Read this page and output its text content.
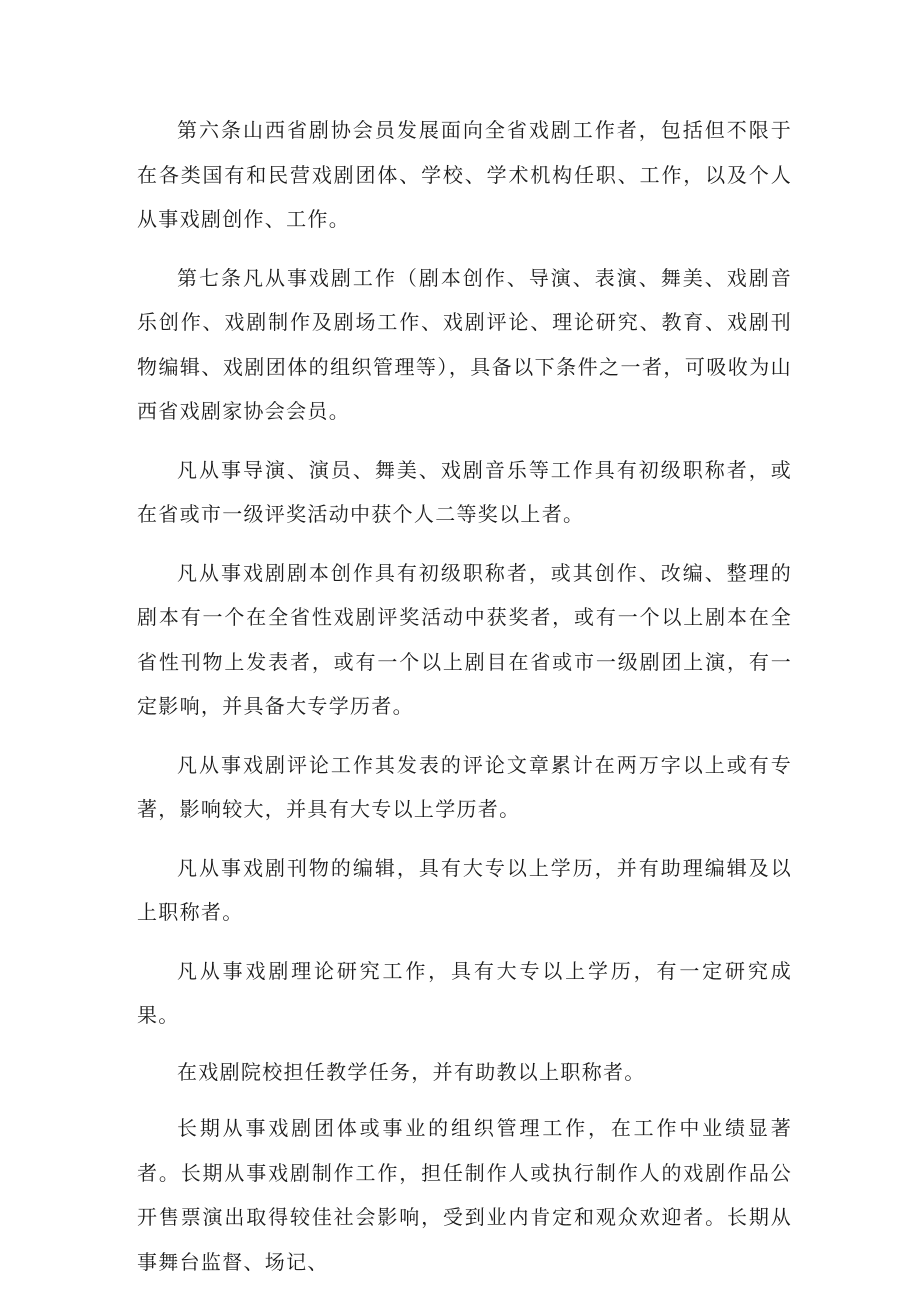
第六条山西省剧协会员发展面向全省戏剧工作者，包括但不限于在各类国有和民营戏剧团体、学校、学术机构任职、工作，以及个人从事戏剧创作、工作。

第七条凡从事戏剧工作（剧本创作、导演、表演、舞美、戏剧音乐创作、戏剧制作及剧场工作、戏剧评论、理论研究、教育、戏剧刊物编辑、戏剧团体的组织管理等），具备以下条件之一者，可吸收为山西省戏剧家协会会员。

凡从事导演、演员、舞美、戏剧音乐等工作具有初级职称者，或在省或市一级评奖活动中获个人二等奖以上者。

凡从事戏剧剧本创作具有初级职称者，或其创作、改编、整理的剧本有一个在全省性戏剧评奖活动中获奖者，或有一个以上剧本在全省性刊物上发表者，或有一个以上剧目在省或市一级剧团上演，有一定影响，并具备大专学历者。

凡从事戏剧评论工作其发表的评论文章累计在两万字以上或有专著，影响较大，并具有大专以上学历者。

凡从事戏剧刊物的编辑，具有大专以上学历，并有助理编辑及以上职称者。

凡从事戏剧理论研究工作，具有大专以上学历，有一定研究成果。

在戏剧院校担任教学任务，并有助教以上职称者。

长期从事戏剧团体或事业的组织管理工作，在工作中业绩显著者。长期从事戏剧制作工作，担任制作人或执行制作人的戏剧作品公开售票演出取得较佳社会影响，受到业内肯定和观众欢迎者。长期从事舞台监督、场记、
